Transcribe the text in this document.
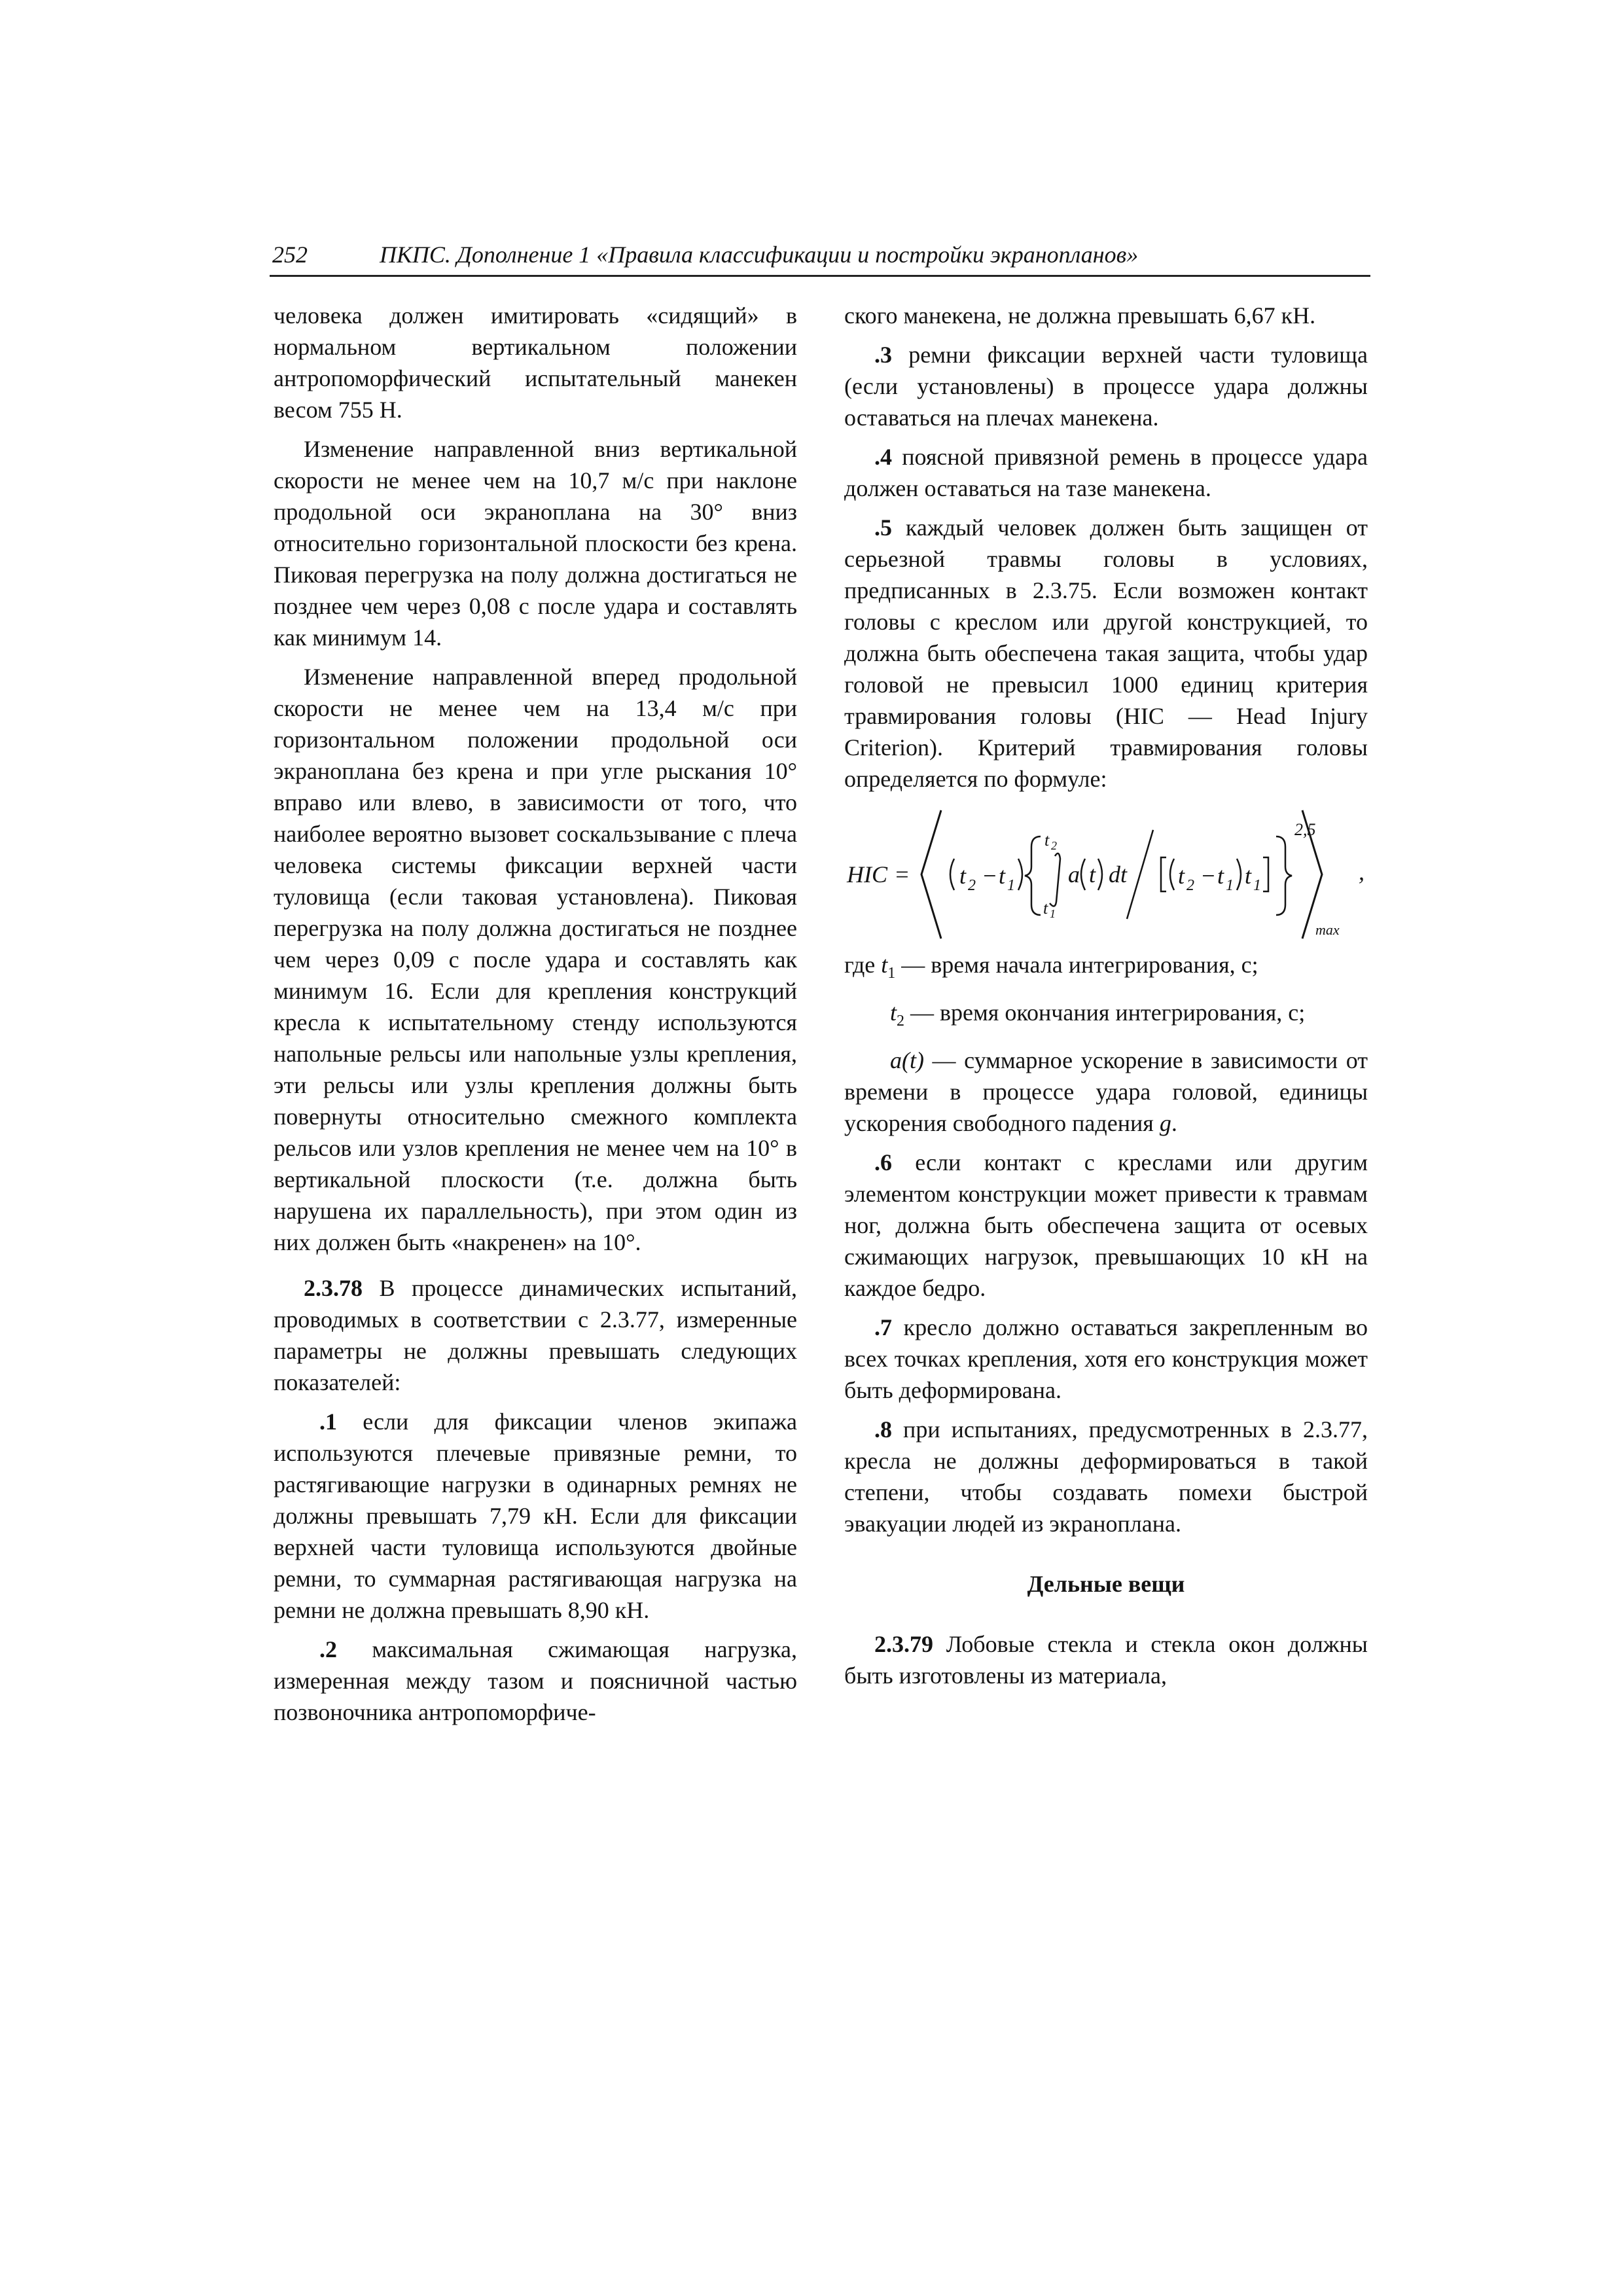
252	ПКПС. Дополнение 1 «Правила классификации и постройки экранопланов»

человека должен имитировать «сидящий» в нормальном вертикальном положении антропоморфический испытательный манекен весом 755 Н.

Изменение направленной вниз вертикальной скорости не менее чем на 10,7 м/с при наклоне продольной оси экраноплана на 30° вниз относительно горизонтальной плоскости без крена. Пиковая перегрузка на полу должна достигаться не позднее чем через 0,08 с после удара и составлять как минимум 14.

Изменение направленной вперед продольной скорости не менее чем на 13,4 м/с при горизонтальном положении продольной оси экраноплана без крена и при угле рыскания 10° вправо или влево, в зависимости от того, что наиболее вероятно вызовет соскальзывание с плеча человека системы фиксации верхней части туловища (если таковая установлена). Пиковая перегрузка на полу должна достигаться не позднее чем через 0,09 с после удара и составлять как минимум 16. Если для крепления конструкций кресла к испытательному стенду используются напольные рельсы или напольные узлы крепления, эти рельсы или узлы крепления должны быть повернуты относительно смежного комплекта рельсов или узлов крепления не менее чем на 10° в вертикальной плоскости (т.е. должна быть нарушена их параллельность), при этом один из них должен быть «накренен» на 10°.

2.3.78 В процессе динамических испытаний, проводимых в соответствии с 2.3.77, измеренные параметры не должны превышать следующих показателей:

.1 если для фиксации членов экипажа используются плечевые привязные ремни, то растягивающие нагрузки в одинарных ремнях не должны превышать 7,79 кН. Если для фиксации верхней части туловища используются двойные ремни, то суммарная растягивающая нагрузка на ремни не должна превышать 8,90 кН.

.2 максимальная сжимающая нагрузка, измеренная между тазом и поясничной частью позвоночника антропоморфиче-

ского манекена, не должна превышать 6,67 кН.

.3 ремни фиксации верхней части туловища (если установлены) в процессе удара должны оставаться на плечах манекена.

.4 поясной привязной ремень в процессе удара должен оставаться на тазе манекена.

.5 каждый человек должен быть защищен от серьезной травмы головы в условиях, предписанных в 2.3.75. Если возможен контакт головы с креслом или другой конструкцией, то должна быть обеспечена такая защита, чтобы удар головой не превысил 1000 единиц критерия травмирования головы (HIC — Head Injury Criterion). Критерий травмирования головы определяется по формуле:

HIC = t 2 − t 1
t 2
t 1
a t dt t 2 − t 1 t 1
2,5
max
,

где $t_1$ — время начала интегрирования, с;

$t_2$ — время окончания интегрирования, с;

a(t) — суммарное ускорение в зависимости от времени в процессе удара головой, единицы ускорения свободного падения g.

.6 если контакт с креслами или другим элементом конструкции может привести к травмам ног, должна быть обеспечена защита от осевых сжимающих нагрузок, превышающих 10 кН на каждое бедро.

.7 кресло должно оставаться закрепленным во всех точках крепления, хотя его конструкция может быть деформирована.

.8 при испытаниях, предусмотренных в 2.3.77, кресла не должны деформироваться в такой степени, чтобы создавать помехи быстрой эвакуации людей из экраноплана.

Дельные вещи

2.3.79 Лобовые стекла и стекла окон должны быть изготовлены из материала,
